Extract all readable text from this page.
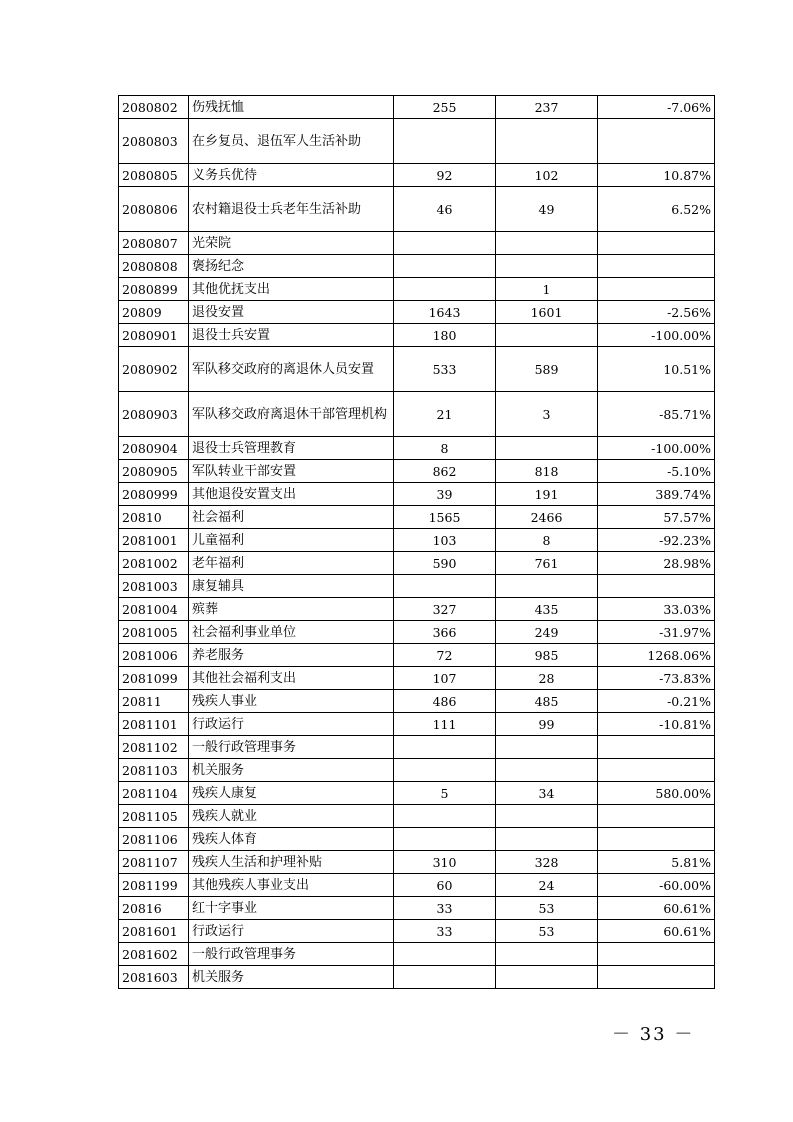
2080802	伤残抚恤	255	237	-7.06%
2080803	在乡复员、退伍军人生活补助			
2080805	义务兵优待	92	102	10.87%
2080806	农村籍退役士兵老年生活补助	46	49	6.52%
2080807	光荣院			
2080808	褒扬纪念			
2080899	其他优抚支出		1	
20809	退役安置	1643	1601	-2.56%
2080901	退役士兵安置	180		-100.00%
2080902	军队移交政府的离退休人员安置	533	589	10.51%
2080903	军队移交政府离退休干部管理机构	21	3	-85.71%
2080904	退役士兵管理教育	8		-100.00%
2080905	军队转业干部安置	862	818	-5.10%
2080999	其他退役安置支出	39	191	389.74%
20810	社会福利	1565	2466	57.57%
2081001	儿童福利	103	8	-92.23%
2081002	老年福利	590	761	28.98%
2081003	康复辅具			
2081004	殡葬	327	435	33.03%
2081005	社会福利事业单位	366	249	-31.97%
2081006	养老服务	72	985	1268.06%
2081099	其他社会福利支出	107	28	-73.83%
20811	残疾人事业	486	485	-0.21%
2081101	行政运行	111	99	-10.81%
2081102	一般行政管理事务			
2081103	机关服务			
2081104	残疾人康复	5	34	580.00%
2081105	残疾人就业			
2081106	残疾人体育			
2081107	残疾人生活和护理补贴	310	328	5.81%
2081199	其他残疾人事业支出	60	24	-60.00%
20816	红十字事业	33	53	60.61%
2081601	行政运行	33	53	60.61%
2081602	一般行政管理事务			
2081603	机关服务			
－ 33 －
